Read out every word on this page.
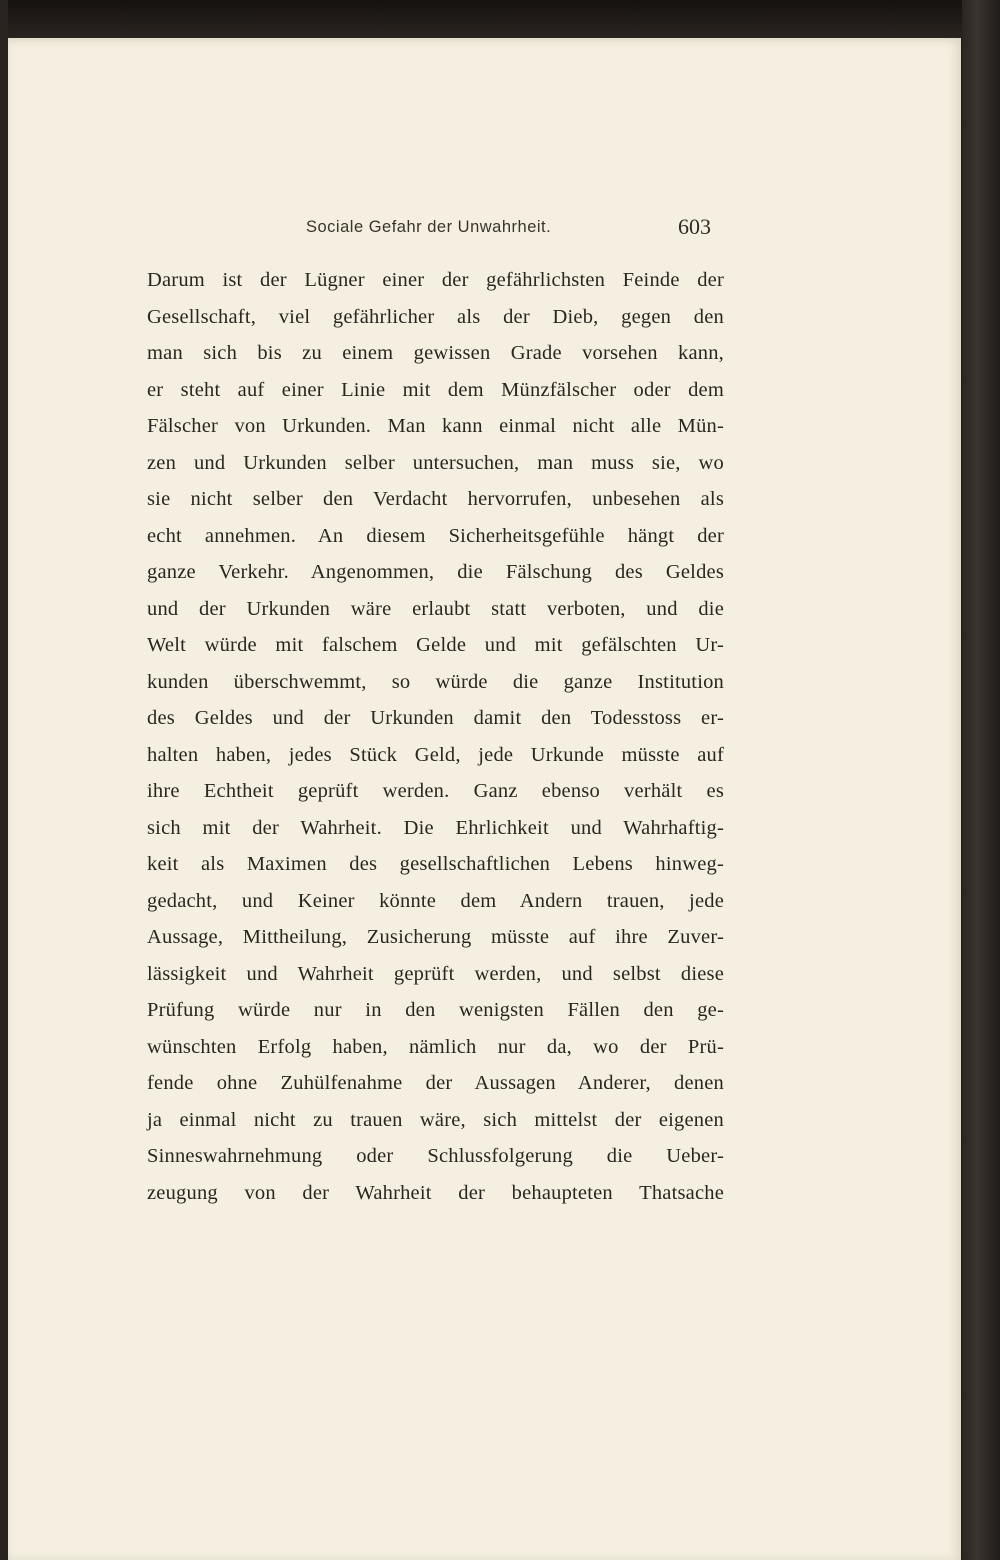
Sociale Gefahr der Unwahrheit.	603
Darum ist der Lügner einer der gefährlichsten Feinde der
Gesellschaft, viel gefährlicher als der Dieb, gegen den
man sich bis zu einem gewissen Grade vorsehen kann,
er steht auf einer Linie mit dem Münzfälscher oder dem
Fälscher von Urkunden. Man kann einmal nicht alle Mün-
zen und Urkunden selber untersuchen, man muss sie, wo
sie nicht selber den Verdacht hervorrufen, unbesehen als
echt annehmen. An diesem Sicherheitsgefühle hängt der
ganze Verkehr. Angenommen, die Fälschung des Geldes
und der Urkunden wäre erlaubt statt verboten, und die
Welt würde mit falschem Gelde und mit gefälschten Ur-
kunden überschwemmt, so würde die ganze Institution
des Geldes und der Urkunden damit den Todesstoss er-
halten haben, jedes Stück Geld, jede Urkunde müsste auf
ihre Echtheit geprüft werden. Ganz ebenso verhält es
sich mit der Wahrheit. Die Ehrlichkeit und Wahrhaftig-
keit als Maximen des gesellschaftlichen Lebens hinweg-
gedacht, und Keiner könnte dem Andern trauen, jede
Aussage, Mittheilung, Zusicherung müsste auf ihre Zuver-
lässigkeit und Wahrheit geprüft werden, und selbst diese
Prüfung würde nur in den wenigsten Fällen den ge-
wünschten Erfolg haben, nämlich nur da, wo der Prü-
fende ohne Zuhülfenahme der Aussagen Anderer, denen
ja einmal nicht zu trauen wäre, sich mittelst der eigenen
Sinneswahrnehmung oder Schlussfolgerung die Ueber-
zeugung von der Wahrheit der behaupteten Thatsache
